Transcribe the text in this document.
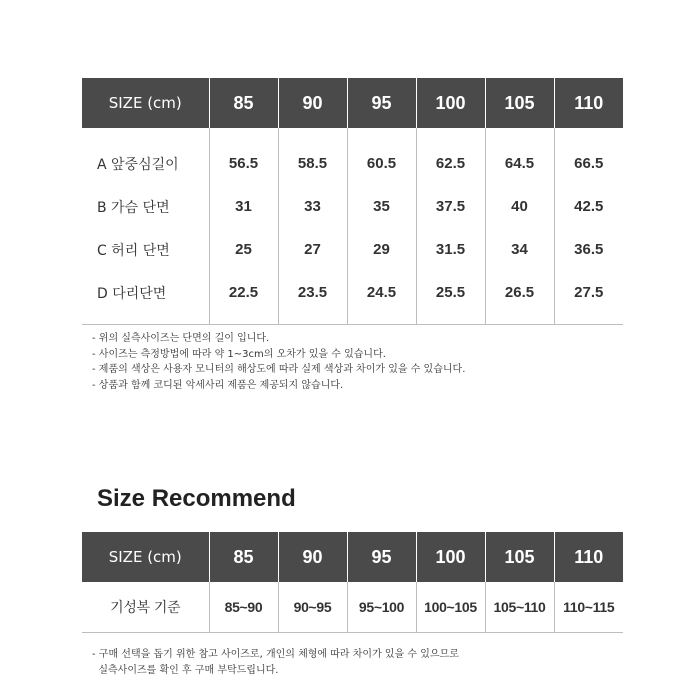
SIZE (cm)	85	90	95	100	105	110
A 앞중심길이	56.5	58.5	60.5	62.5	64.5	66.5
B 가슴 단면	31	33	35	37.5	40	42.5
C 허리 단면	25	27	29	31.5	34	36.5
D 다리단면	22.5	23.5	24.5	25.5	26.5	27.5
- 위의 실측사이즈는 단면의 길이 입니다.
- 사이즈는 측정방법에 따라 약 1~3cm의 오차가 있을 수 있습니다.
- 제품의 색상은 사용자 모니터의 해상도에 따라 실제 색상과 차이가 있을 수 있습니다.
- 상품과 함께 코디된 악세사리 제품은 제공되지 않습니다.
Size Recommend
SIZE (cm)	85	90	95	100	105	110
기성복 기준	85~90	90~95	95~100	100~105	105~110	110~115
- 구매 선택을 돕기 위한 참고 사이즈로, 개인의 체형에 따라 차이가 있을 수 있으므로
실측사이즈를 확인 후 구매 부탁드립니다.
